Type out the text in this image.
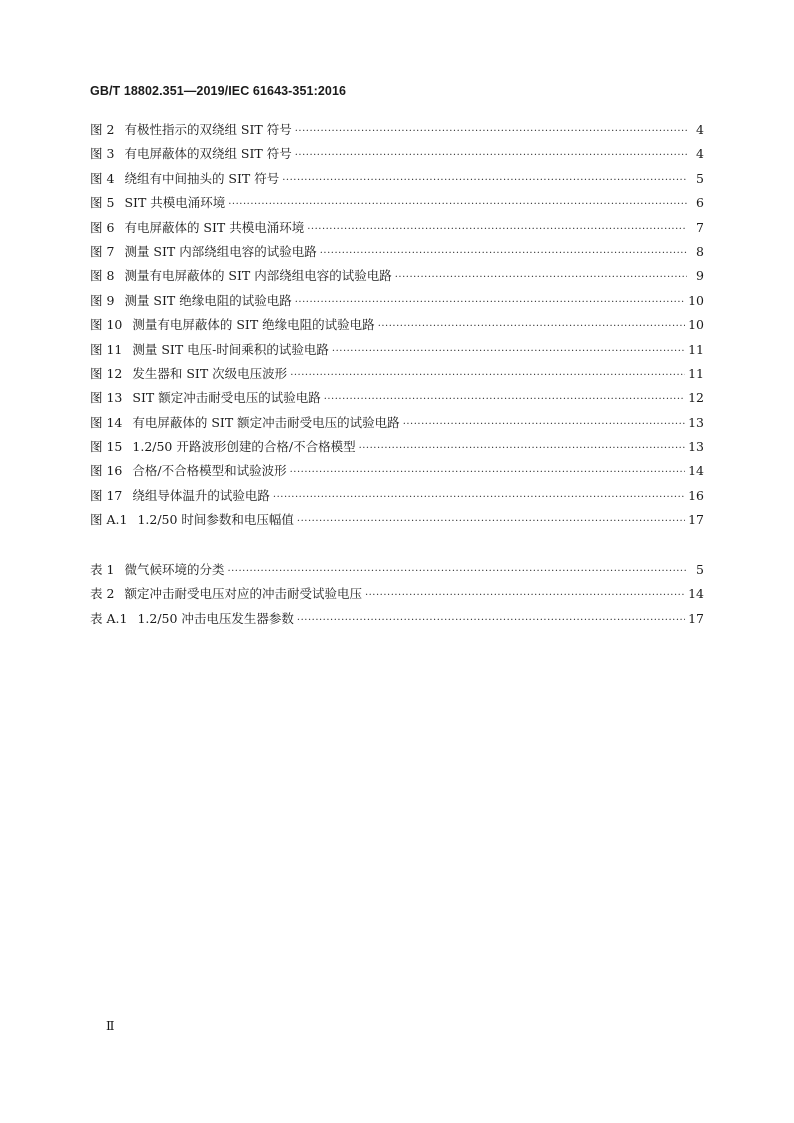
GB/T 18802.351—2019/IEC 61643-351:2016
图 2 有极性指示的双绕组 SIT 符号 ·····	4
图 3 有电屏蔽体的双绕组 SIT 符号 ·····	4
图 4 绕组有中间抽头的 SIT 符号 ·····	5
图 5 SIT 共模电涌环境 ·····	6
图 6 有电屏蔽体的 SIT 共模电涌环境 ·····	7
图 7 测量 SIT 内部绕组电容的试验电路 ·····	8
图 8 测量有电屏蔽体的 SIT 内部绕组电容的试验电路 ·····	9
图 9 测量 SIT 绝缘电阻的试验电路 ·····	10
图 10 测量有电屏蔽体的 SIT 绝缘电阻的试验电路 ·····	10
图 11 测量 SIT 电压-时间乘积的试验电路 ·····	11
图 12 发生器和 SIT 次级电压波形 ·····	11
图 13 SIT 额定冲击耐受电压的试验电路 ·····	12
图 14 有电屏蔽体的 SIT 额定冲击耐受电压的试验电路 ·····	13
图 15 1.2/50 开路波形创建的合格/不合格模型 ·····	13
图 16 合格/不合格模型和试验波形 ·····	14
图 17 绕组导体温升的试验电路 ·····	16
图 A.1 1.2/50 时间参数和电压幅值 ·····	17
表 1 微气候环境的分类 ·····	5
表 2 额定冲击耐受电压对应的冲击耐受试验电压 ·····	14
表 A.1 1.2/50 冲击电压发生器参数 ·····	17
Ⅱ
